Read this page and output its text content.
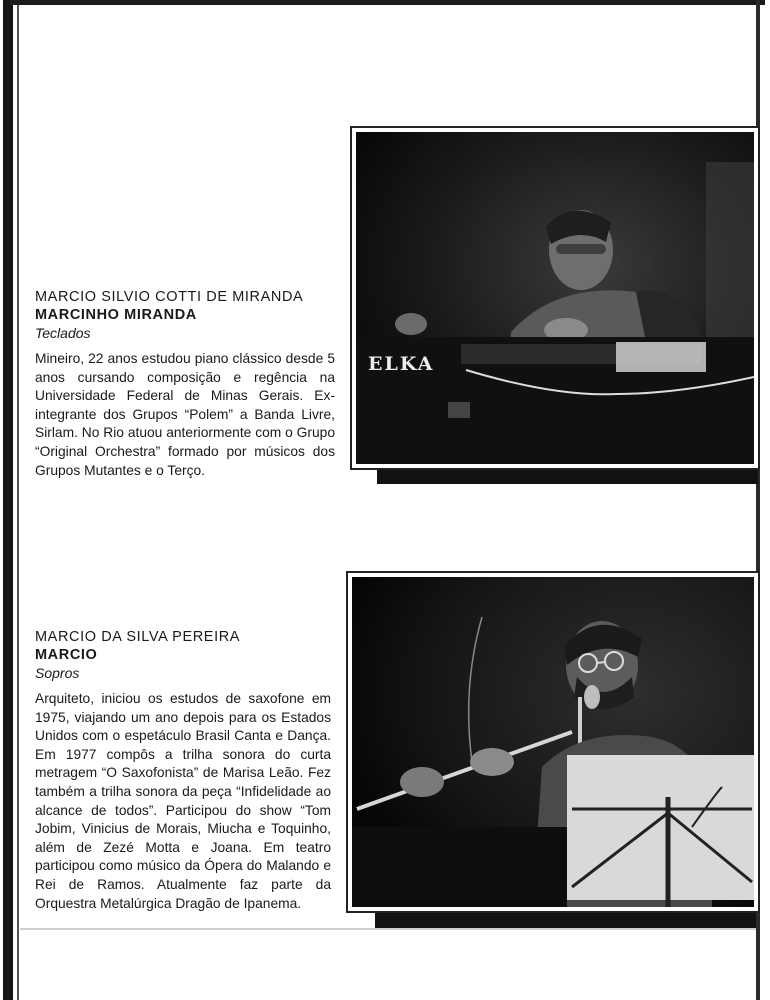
MARCIO SILVIO COTTI DE MIRANDA

MARCINHO MIRANDA

Teclados

Mineiro, 22 anos estudou piano clássico desde 5 anos cursando composição e regência na Universidade Federal de Minas Gerais. Ex-integrante dos Grupos “Polem” a Banda Livre, Sirlam. No Rio atuou anteriormente com o Grupo “Original Orchestra” formado por músicos dos Grupos Mutantes e o Terço.

ELKA

MARCIO DA SILVA PEREIRA

MARCIO

Sopros

Arquiteto, iniciou os estudos de saxofone em 1975, viajando um ano depois para os Estados Unidos com o espetáculo Brasil Canta e Dança. Em 1977 compôs a trilha sonora do curta metragem “O Saxofonista” de Marisa Leão. Fez também a trilha sonora da peça “Infidelidade ao alcance de todos”. Participou do show “Tom Jobim, Vinicius de Morais, Miucha e Toquinho, além de Zezé Motta e Joana. Em teatro participou como músico da Ópera do Malando e Rei de Ramos. Atualmente faz parte da Orquestra Metalúrgica Dragão de Ipanema.
